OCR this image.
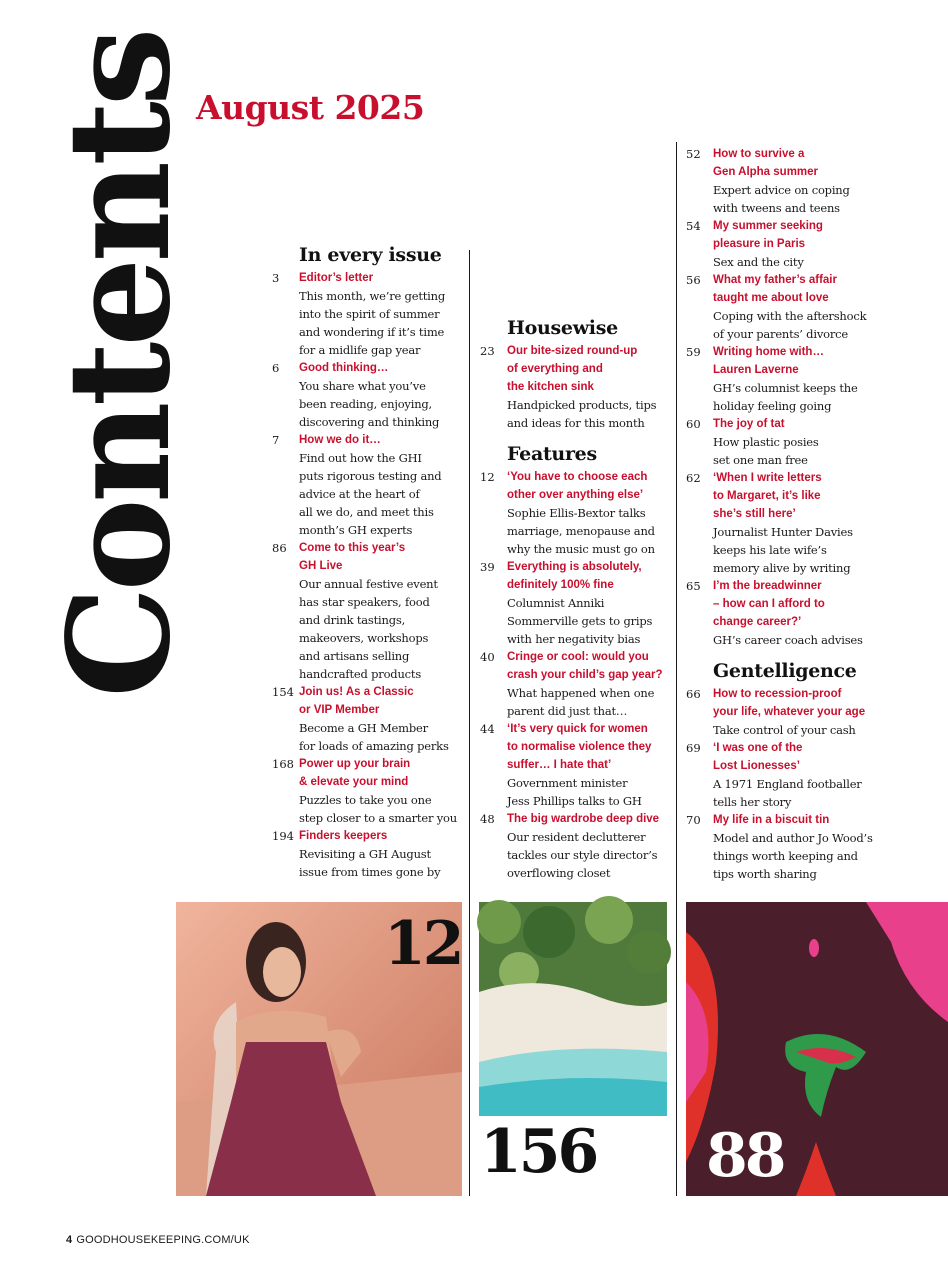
Contents
August 2025
In every issue
3 Editor’s letter
This month, we’re getting
into the spirit of summer
and wondering if it’s time
for a midlife gap year
6 Good thinking…
You share what you’ve
been reading, enjoying,
discovering and thinking
7 How we do it…
Find out how the GHI
puts rigorous testing and
advice at the heart of
all we do, and meet this
month’s GH experts
86 Come to this year’s
GH Live
Our annual festive event
has star speakers, food
and drink tastings,
makeovers, workshops
and artisans selling
handcrafted products
154 Join us! As a Classic
or VIP Member
Become a GH Member
for loads of amazing perks
168 Power up your brain
& elevate your mind
Puzzles to take you one
step closer to a smarter you
194 Finders keepers
Revisiting a GH August
issue from times gone by
Housewise
23 Our bite-sized round-up
of everything and
the kitchen sink
Handpicked products, tips
and ideas for this month
Features
12 ‘You have to choose each
other over anything else’
Sophie Ellis-Bextor talks
marriage, menopause and
why the music must go on
39 Everything is absolutely,
definitely 100% fine
Columnist Anniki
Sommerville gets to grips
with her negativity bias
40 Cringe or cool: would you
crash your child’s gap year?
What happened when one
parent did just that…
44 ‘It’s very quick for women
to normalise violence they
suffer… I hate that’
Government minister
Jess Phillips talks to GH
48 The big wardrobe deep dive
Our resident declutterer
tackles our style director’s
overflowing closet
52 How to survive a
Gen Alpha summer
Expert advice on coping
with tweens and teens
54 My summer seeking
pleasure in Paris
Sex and the city
56 What my father’s affair
taught me about love
Coping with the aftershock
of your parents’ divorce
59 Writing home with…
Lauren Laverne
GH’s columnist keeps the
holiday feeling going
60 The joy of tat
How plastic posies
set one man free
62 ‘When I write letters
to Margaret, it’s like
she’s still here’
Journalist Hunter Davies
keeps his late wife’s
memory alive by writing
65 I’m the breadwinner
– how can I afford to
change career?’
GH’s career coach advises
Gentelligence
66 How to recession-proof
your life, whatever your age
Take control of your cash
69 ‘I was one of the
Lost Lionesses’
A 1971 England footballer
tells her story
70 My life in a biscuit tin
Model and author Jo Wood’s
things worth keeping and
tips worth sharing
12
156 88
4 GOODHOUSEKEEPING.COM/UK
